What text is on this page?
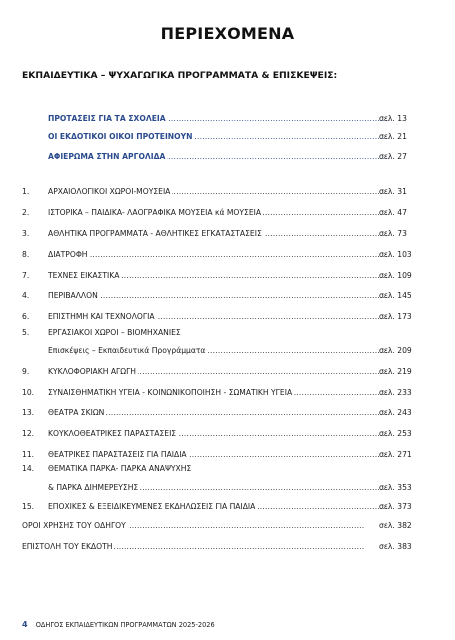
ΠΕΡΙΕΧΟΜΕΝΑ
ΕΚΠΑΙΔΕΥΤΙΚΑ – ΨΥΧΑΓΩΓΙΚΑ ΠΡΟΓΡΑΜΜΑΤΑ & ΕΠΙΣΚΕΨΕΙΣ:
ΠΡΟΤΑΣΕΙΣ ΓΙΑ ΤΑ ΣΧΟΛΕΙΑ .....	σελ. 13
ΟΙ ΕΚΔΟΤΙΚΟΙ ΟΙΚΟΙ ΠΡΟΤΕΙΝΟΥΝ .....	σελ. 21
ΑΦΙΕΡΩΜΑ ΣΤΗΝ ΑΡΓΟΛΙΔΑ .....	σελ. 27
1. ΑΡΧΑΙΟΛΟΓΙΚΟΙ ΧΩΡΟΙ-ΜΟΥΣΕΙΑ .....	σελ. 31
2. ΙΣΤΟΡΙΚΑ – ΠΑΙΔΙΚΑ- ΛΑΟΓΡΑΦΙΚΑ ΜΟΥΣΕΙΑ κά ΜΟΥΣΕΙΑ .....	σελ. 47
3. ΑΘΛΗΤΙΚΑ ΠΡΟΓΡΑΜΜΑΤΑ - ΑΘΛΗΤΙΚΕΣ ΕΓΚΑΤΑΣΤΑΣΕΙΣ .....	σελ. 73
8. ΔΙΑΤΡΟΦΗ .....	σελ. 103
7. ΤΕΧΝΕΣ ΕΙΚΑΣΤΙΚΑ .....	σελ. 109
4. ΠΕΡΙΒΑΛΛΟΝ .....	σελ. 145
6. ΕΠΙΣΤΗΜΗ ΚΑΙ ΤΕΧΝΟΛΟΓΙΑ .....	σελ. 173
5. ΕΡΓΑΣΙΑΚΟΙ ΧΩΡΟΙ – ΒΙΟΜΗΧΑΝΙΕΣ
Επισκέψεις – Εκπαιδευτικά Προγράμματα .....	σελ. 209
9. ΚΥΚΛΟΦΟΡΙΑΚΗ ΑΓΩΓΗ .....	σελ. 219
10. ΣΥΝΑΙΣΘΗΜΑΤΙΚΗ ΥΓΕΙΑ - ΚΟΙΝΩΝΙΚΟΠΟΙΗΣΗ - ΣΩΜΑΤΙΚΗ ΥΓΕΙΑ .....	σελ. 233
13. ΘΕΑΤΡΑ ΣΚΙΩΝ .....	σελ. 243
12. ΚΟΥΚΛΟΘΕΑΤΡΙΚΕΣ ΠΑΡΑΣΤΑΣΕΙΣ .....	σελ. 253
11. ΘΕΑΤΡΙΚΕΣ ΠΑΡΑΣΤΑΣΕΙΣ ΓΙΑ ΠΑΙΔΙΑ .....	σελ. 271
14. ΘΕΜΑΤΙΚΑ ΠΑΡΚΑ- ΠΑΡΚΑ ΑΝΑΨΥΧΗΣ
& ΠΑΡΚΑ ΔΙΗΜΕΡΕΥΣΗΣ .....	σελ. 353
15. ΕΠΟΧΙΚΕΣ & ΕΞΕΙΔΙΚΕΥΜΕΝΕΣ ΕΚΔΗΛΩΣΕΙΣ ΓΙΑ ΠΑΙΔΙΑ .....	σελ. 373
ΟΡΟΙ ΧΡΗΣΗΣ ΤΟΥ ΟΔΗΓΟΥ .....	σελ. 382
ΕΠΙΣΤΟΛΗ ΤΟΥ ΕΚΔΟΤΗ .....	σελ. 383
4 ΟΔΗΓΟΣ ΕΚΠΑΙΔΕΥΤΙΚΩΝ ΠΡΟΓΡΑΜΜΑΤΩΝ 2025-2026
